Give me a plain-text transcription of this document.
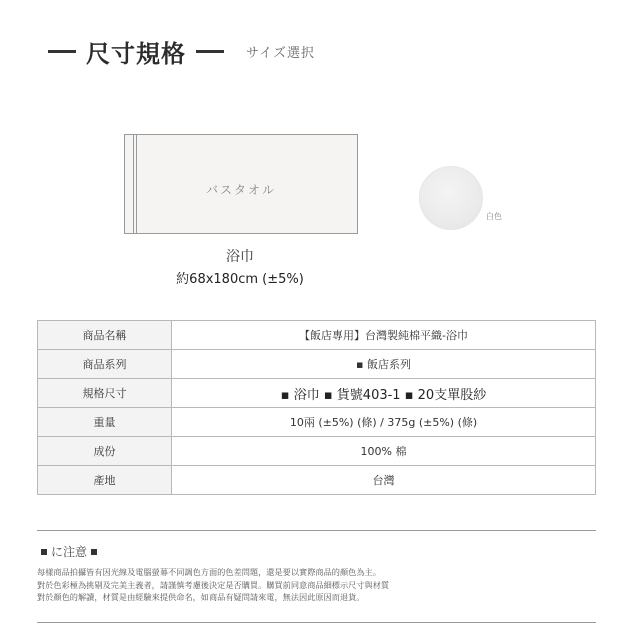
尺寸規格	サイズ選択
バスタオル
浴巾
約68x180cm (±5%)
白色
商品名稱	【飯店專用】台灣製純棉平織-浴巾
商品系列	▪ 飯店系列
規格尺寸	▪ 浴巾 ▪ 貨號403-1 ▪ 20支單股紗
重量	10兩 (±5%) (條) / 375g (±5%) (條)
成份	100% 棉
產地	台灣
に注意
每樣商品拍攝皆有因光線及電腦螢幕不同調色方面的色差問題，還是要以實際商品的顏色為主。
對於色彩極為挑剔及完美主義者，請謹慎考慮後決定是否購買。購買前同意商品細標示尺寸與材質
對於顏色的解讀，材質是由經驗來提供命名，如商品有疑問請來電，無法因此原因而退貨。
